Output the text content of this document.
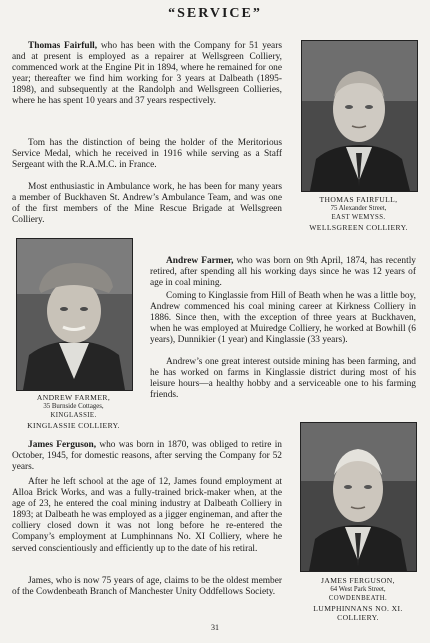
“SERVICE”

Thomas Fairfull, who has been with the Company for 51 years and at present is employed as a repairer at Wellsgreen Colliery, commenced work at the Engine Pit in 1894, where he remained for one year; thereafter we find him working for 3 years at Dalbeath (1895-1898), and subsequently at the Randolph and Wellsgreen Collieries, where he has spent 10 years and 37 years respectively.

Tom has the distinction of being the holder of the Meritorious Service Medal, which he received in 1916 while serving as a Staff Sergeant with the R.A.M.C. in France.

Most enthusiastic in Ambulance work, he has been for many years a member of Buckhaven St. Andrew’s Ambulance Team, and was one of the first members of the Mine Rescue Brigade at Wellsgreen Colliery.

THOMAS FAIRFULL,
75 Alexander Street,
EAST WEMYSS.
WELLSGREEN COLLIERY.
ANDREW FARMER,
35 Burnside Cottages,
KINGLASSIE.
KINGLASSIE COLLIERY.

Andrew Farmer, who was born on 9th April, 1874, has recently retired, after spending all his working days since he was 12 years of age in coal mining.

Coming to Kinglassie from Hill of Beath when he was a little boy, Andrew commenced his coal mining career at Kirkness Colliery in 1886. Since then, with the exception of three years at Buckhaven, when he was employed at Muiredge Colliery, he worked at Bowhill (6 years), Dunnikier (1 year) and Kinglassie (33 years).

Andrew’s one great interest outside mining has been farming, and he has worked on farms in Kinglassie district during most of his leisure hours—a healthy hobby and a serviceable one to his farming friends.

James Ferguson, who was born in 1870, was obliged to retire in October, 1945, for domestic reasons, after serving the Company for 52 years.

After he left school at the age of 12, James found employment at Alloa Brick Works, and was a fully-trained brick-maker when, at the age of 23, he entered the coal mining industry at Dalbeath Colliery in 1893; at Dalbeath he was employed as a jigger engineman, and after the colliery closed down it was not long before he re-entered the Company’s employment at Lumphinnans No. XI Colliery, where he served conscientiously and efficiently up to the date of his retiral.

James, who is now 75 years of age, claims to be the oldest member of the Cowdenbeath Branch of Manchester Unity Oddfellows Society.

JAMES FERGUSON,
64 West Park Street,
COWDENBEATH.
LUMPHINNANS NO. XI. COLLIERY.
31
